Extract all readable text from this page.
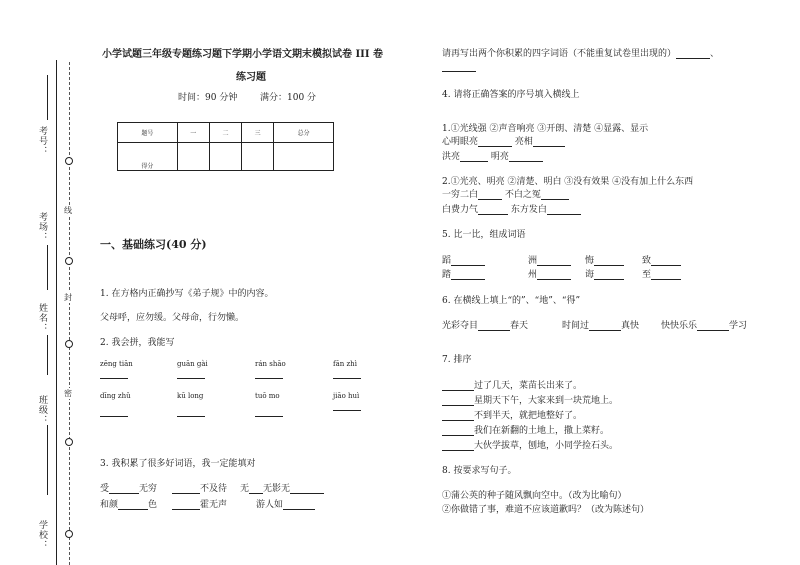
线
封
密
考号：
考场：
姓名：
班级：
学校：
小学试题三年级专题练习题下学期小学语文期末模拟试卷 III 卷
练习题
时间：90 分钟	满分：100 分
题号	一	二	三	总分
得分				
一、基础练习(40 分)
1. 在方格内正确抄写《弟子规》中的内容。
父母呼，应勿缓。父母命，行勿懒。
2. 我会拼，我能写
zēng tiān	guān gài	rán shāo	fān zhì
dīng zhǔ	kū long	tuō mo	jiāo huì
3. 我积累了很多好词语，我一定能填对
受	无穷	不及待 无 无影无
和颜	色	霍无声	游人如
请再写出两个你积累的四字词语（不能重复试卷里出现的）	、
4. 请将正确答案的序号填入横线上
1.①光线强 ②声音响亮 ③开朗、清楚 ④显露、显示
心明眼亮	亮相
洪亮	明亮
2.①光亮、明亮 ②清楚、明白 ③没有效果 ④没有加上什么东西
一穷二白	不白之冤
白费力气	东方发白
5. 比一比，组成词语
蹈	洲	悔	致
踏	州	诲	至
6. 在横线上填上“的”、“地”、“得”
光彩夺目	春天	时间过	真快 快快乐乐	学习
7. 排序
过了几天，菜苗长出来了。
星期天下午，大家来到一块荒地上。
不到半天，就把地整好了。
我们在新翻的土地上，撒上菜籽。
大伙学拔草，刨地，小同学捡石头。
8. 按要求写句子。
①蒲公英的种子随风飘向空中。（改为比喻句）
②你做错了事，难道不应该道歉吗？（改为陈述句）
